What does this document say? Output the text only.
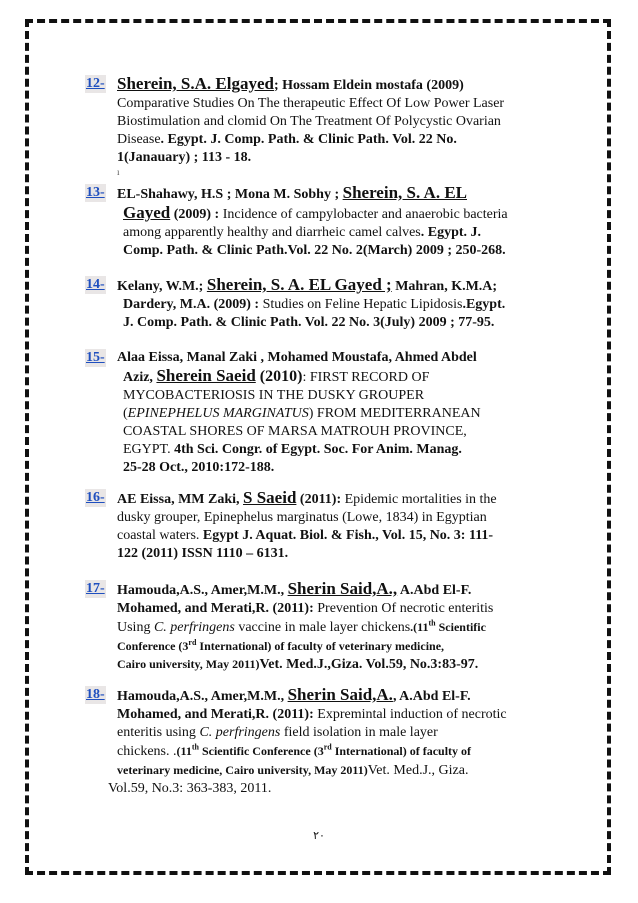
12- Sherein, S.A. Elgayed; Hossam Eldein mostafa (2009)
Comparative Studies On The therapeutic Effect Of Low Power Laser
Biostimulation and clomid On The Treatment Of Polycystic Ovarian
Disease. Egypt. J. Comp. Path. & Clinic Path. Vol. 22 No.
1(Janauary) ; 113 - 18.
ı
13- EL-Shahawy, H.S ; Mona M. Sobhy ; Sherein, S. A. EL
Gayed (2009) : Incidence of campylobacter and anaerobic bacteria
among apparently healthy and diarrheic camel calves. Egypt. J.
Comp. Path. & Clinic Path.Vol. 22 No. 2(March) 2009 ; 250-268.
14- Kelany, W.M.; Sherein, S. A. EL Gayed ; Mahran, K.M.A;
Dardery, M.A. (2009) : Studies on Feline Hepatic Lipidosis.Egypt.
J. Comp. Path. & Clinic Path. Vol. 22 No. 3(July) 2009 ; 77-95.
15- Alaa Eissa, Manal Zaki , Mohamed Moustafa, Ahmed Abdel
Aziz, Sherein Saeid (2010): FIRST RECORD OF
MYCOBACTERIOSIS IN THE DUSKY GROUPER
(EPINEPHELUS MARGINATUS) FROM MEDITERRANEAN
COASTAL SHORES OF MARSA MATROUH PROVINCE,
EGYPT. 4th Sci. Congr. of Egypt. Soc. For Anim. Manag.
25-28 Oct., 2010:172-188.
16- AE Eissa, MM Zaki, S Saeid (2011): Epidemic mortalities in the
dusky grouper, Epinephelus marginatus (Lowe, 1834) in Egyptian
coastal waters. Egypt J. Aquat. Biol. & Fish., Vol. 15, No. 3: 111-
122 (2011) ISSN 1110 – 6131.
17- Hamouda,A.S., Amer,M.M., Sherin Said,A., A.Abd El-F.
Mohamed, and Merati,R. (2011): Prevention Of necrotic enteritis
Using C. perfringens vaccine in male layer chickens.(11th Scientific
Conference (3rd International) of faculty of veterinary medicine,
Cairo university, May 2011)Vet. Med.J.,Giza. Vol.59, No.3:83-97.
18- Hamouda,A.S., Amer,M.M., Sherin Said,A., A.Abd El-F.
Mohamed, and Merati,R. (2011): Expremintal induction of necrotic
enteritis using C. perfringens field isolation in male layer
chickens. .(11th Scientific Conference (3rd International) of faculty of
veterinary medicine, Cairo university, May 2011)Vet. Med.J., Giza.
Vol.59, No.3: 363-383, 2011.
٢٠
